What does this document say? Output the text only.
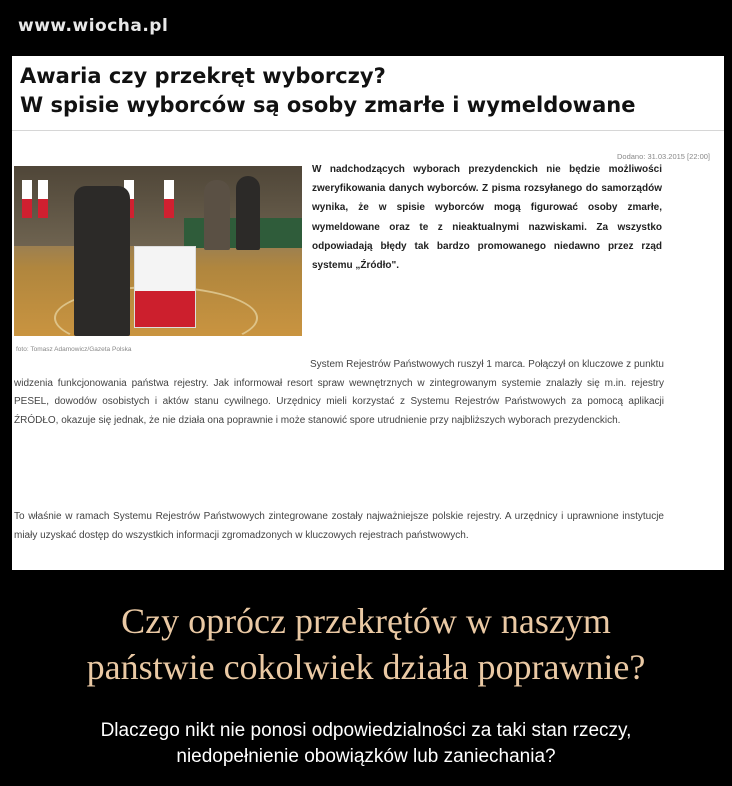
www.wiocha.pl
Awaria czy przekręt wyborczy?
W spisie wyborców są osoby zmarłe i wymeldowane
Dodano: 31.03.2015 [22:00]
foto: Tomasz Adamowicz/Gazeta Polska

W nadchodzących wyborach prezydenckich nie będzie możliwości zweryfikowania danych wyborców. Z pisma rozsyłanego do samorządów wynika, że w spisie wyborców mogą figurować osoby zmarłe, wymeldowane oraz te z nieaktualnymi nazwiskami. Za wszystko odpowiadają błędy tak bardzo promowanego niedawno przez rząd systemu „Źródło".

System Rejestrów Państwowych ruszył 1 marca. Połączył on kluczowe z punktu widzenia funkcjonowania państwa rejestry. Jak informował resort spraw wewnętrznych w zintegrowanym systemie znalazły się m.in. rejestry PESEL, dowodów osobistych i aktów stanu cywilnego. Urzędnicy mieli korzystać z Systemu Rejestrów Państwowych za pomocą aplikacji ŹRÓDŁO, okazuje się jednak, że nie działa ona poprawnie i może stanowić spore utrudnienie przy najbliższych wyborach prezydenckich.

To właśnie w ramach Systemu Rejestrów Państwowych zintegrowane zostały najważniejsze polskie rejestry. A urzędnicy i uprawnione instytucje miały uzyskać dostęp do wszystkich informacji zgromadzonych w kluczowych rejestrach państwowych.

Czy oprócz przekrętów w naszym
państwie cokolwiek działa poprawnie?

Dlaczego nikt nie ponosi odpowiedzialności za taki stan rzeczy,
niedopełnienie obowiązków lub zaniechania?
